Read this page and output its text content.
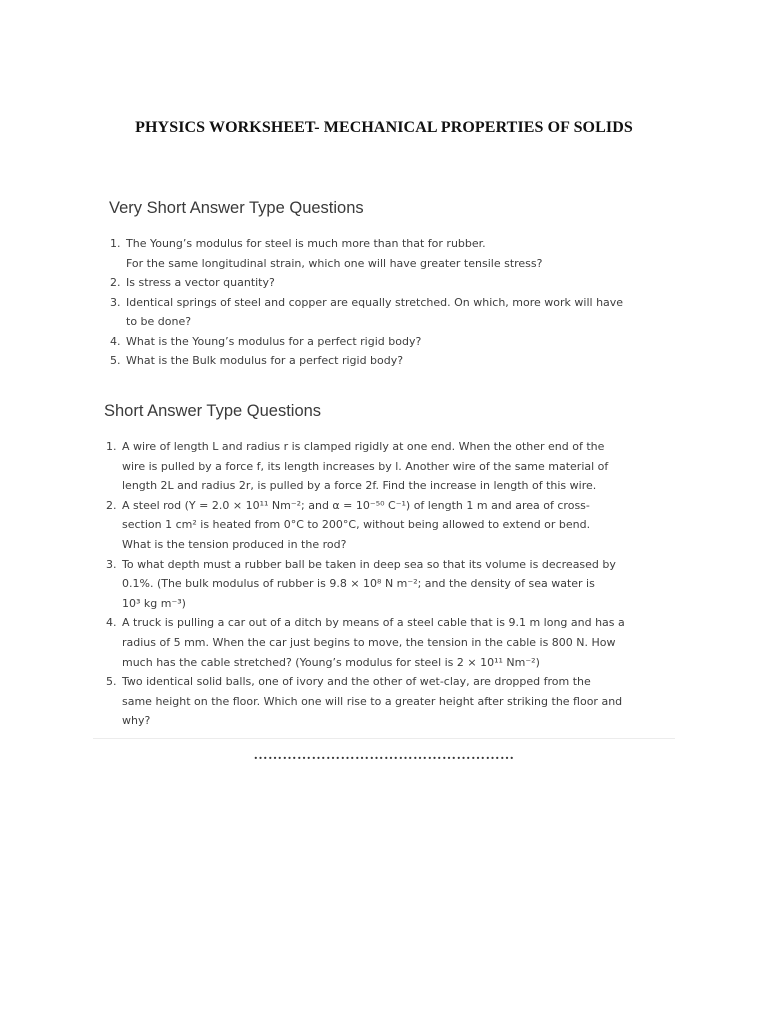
PHYSICS WORKSHEET- MECHANICAL PROPERTIES OF SOLIDS
Very Short Answer Type Questions
1. The Young’s modulus for steel is much more than that for rubber.
For the same longitudinal strain, which one will have greater tensile stress?
2. Is stress a vector quantity?
3. Identical springs of steel and copper are equally stretched. On which, more work will have
to be done?
4. What is the Young’s modulus for a perfect rigid body?
5. What is the Bulk modulus for a perfect rigid body?
Short Answer Type Questions
1. A wire of length L and radius r is clamped rigidly at one end. When the other end of the
wire is pulled by a force f, its length increases by l. Another wire of the same material of
length 2L and radius 2r, is pulled by a force 2f. Find the increase in length of this wire.
2. A steel rod (Y = 2.0 × 10¹¹ Nm⁻²; and α = 10⁻⁵⁰ C⁻¹) of length 1 m and area of cross-
section 1 cm² is heated from 0°C to 200°C, without being allowed to extend or bend.
What is the tension produced in the rod?
3. To what depth must a rubber ball be taken in deep sea so that its volume is decreased by
0.1%. (The bulk modulus of rubber is 9.8 × 10⁸ N m⁻²; and the density of sea water is
10³ kg m⁻³)
4. A truck is pulling a car out of a ditch by means of a steel cable that is 9.1 m long and has a
radius of 5 mm. When the car just begins to move, the tension in the cable is 800 N. How
much has the cable stretched? (Young’s modulus for steel is 2 × 10¹¹ Nm⁻²)
5. Two identical solid balls, one of ivory and the other of wet-clay, are dropped from the
same height on the floor. Which one will rise to a greater height after striking the floor and
why?
………………………………………………
